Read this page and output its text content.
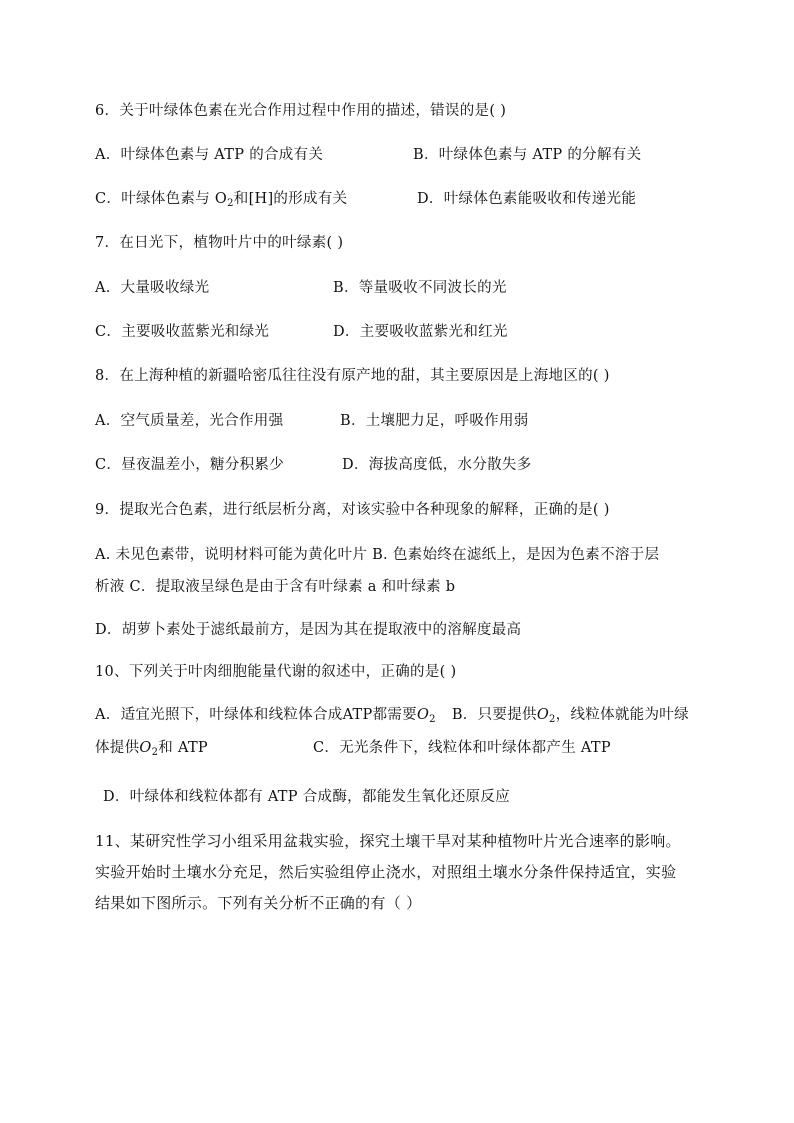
6．关于叶绿体色素在光合作用过程中作用的描述，错误的是( )
A．叶绿体色素与 ATP 的合成有关	B．叶绿体色素与 ATP 的分解有关
C．叶绿体色素与 $O_2$和[H]的形成有关	D．叶绿体色素能吸收和传递光能
7．在日光下，植物叶片中的叶绿素( )
A．大量吸收绿光	B．等量吸收不同波长的光
C．主要吸收蓝紫光和绿光	D．主要吸收蓝紫光和红光
8．在上海种植的新疆哈密瓜往往没有原产地的甜，其主要原因是上海地区的( )
A．空气质量差，光合作用强	B．土壤肥力足，呼吸作用弱
C．昼夜温差小，糖分积累少	D．海拔高度低，水分散失多
9．提取光合色素，进行纸层析分离，对该实验中各种现象的解释，正确的是( )
A. 未见色素带，说明材料可能为黄化叶片 B. 色素始终在滤纸上，是因为色素不溶于层
析液 C．提取液呈绿色是由于含有叶绿素 a 和叶绿素 b
D．胡萝卜素处于滤纸最前方，是因为其在提取液中的溶解度最高
10、下列关于叶肉细胞能量代谢的叙述中，正确的是( )
A．适宜光照下，叶绿体和线粒体合成ATP都需要$O_2$ B．只要提供$O_2$，线粒体就能为叶绿
体提供$O_2$和 ATP	C．无光条件下，线粒体和叶绿体都产生 ATP
D．叶绿体和线粒体都有 ATP 合成酶，都能发生氧化还原反应
11、某研究性学习小组采用盆栽实验，探究土壤干旱对某种植物叶片光合速率的影响。
实验开始时土壤水分充足，然后实验组停止浇水，对照组土壤水分条件保持适宜，实验
结果如下图所示。下列有关分析不正确的有（ ）
